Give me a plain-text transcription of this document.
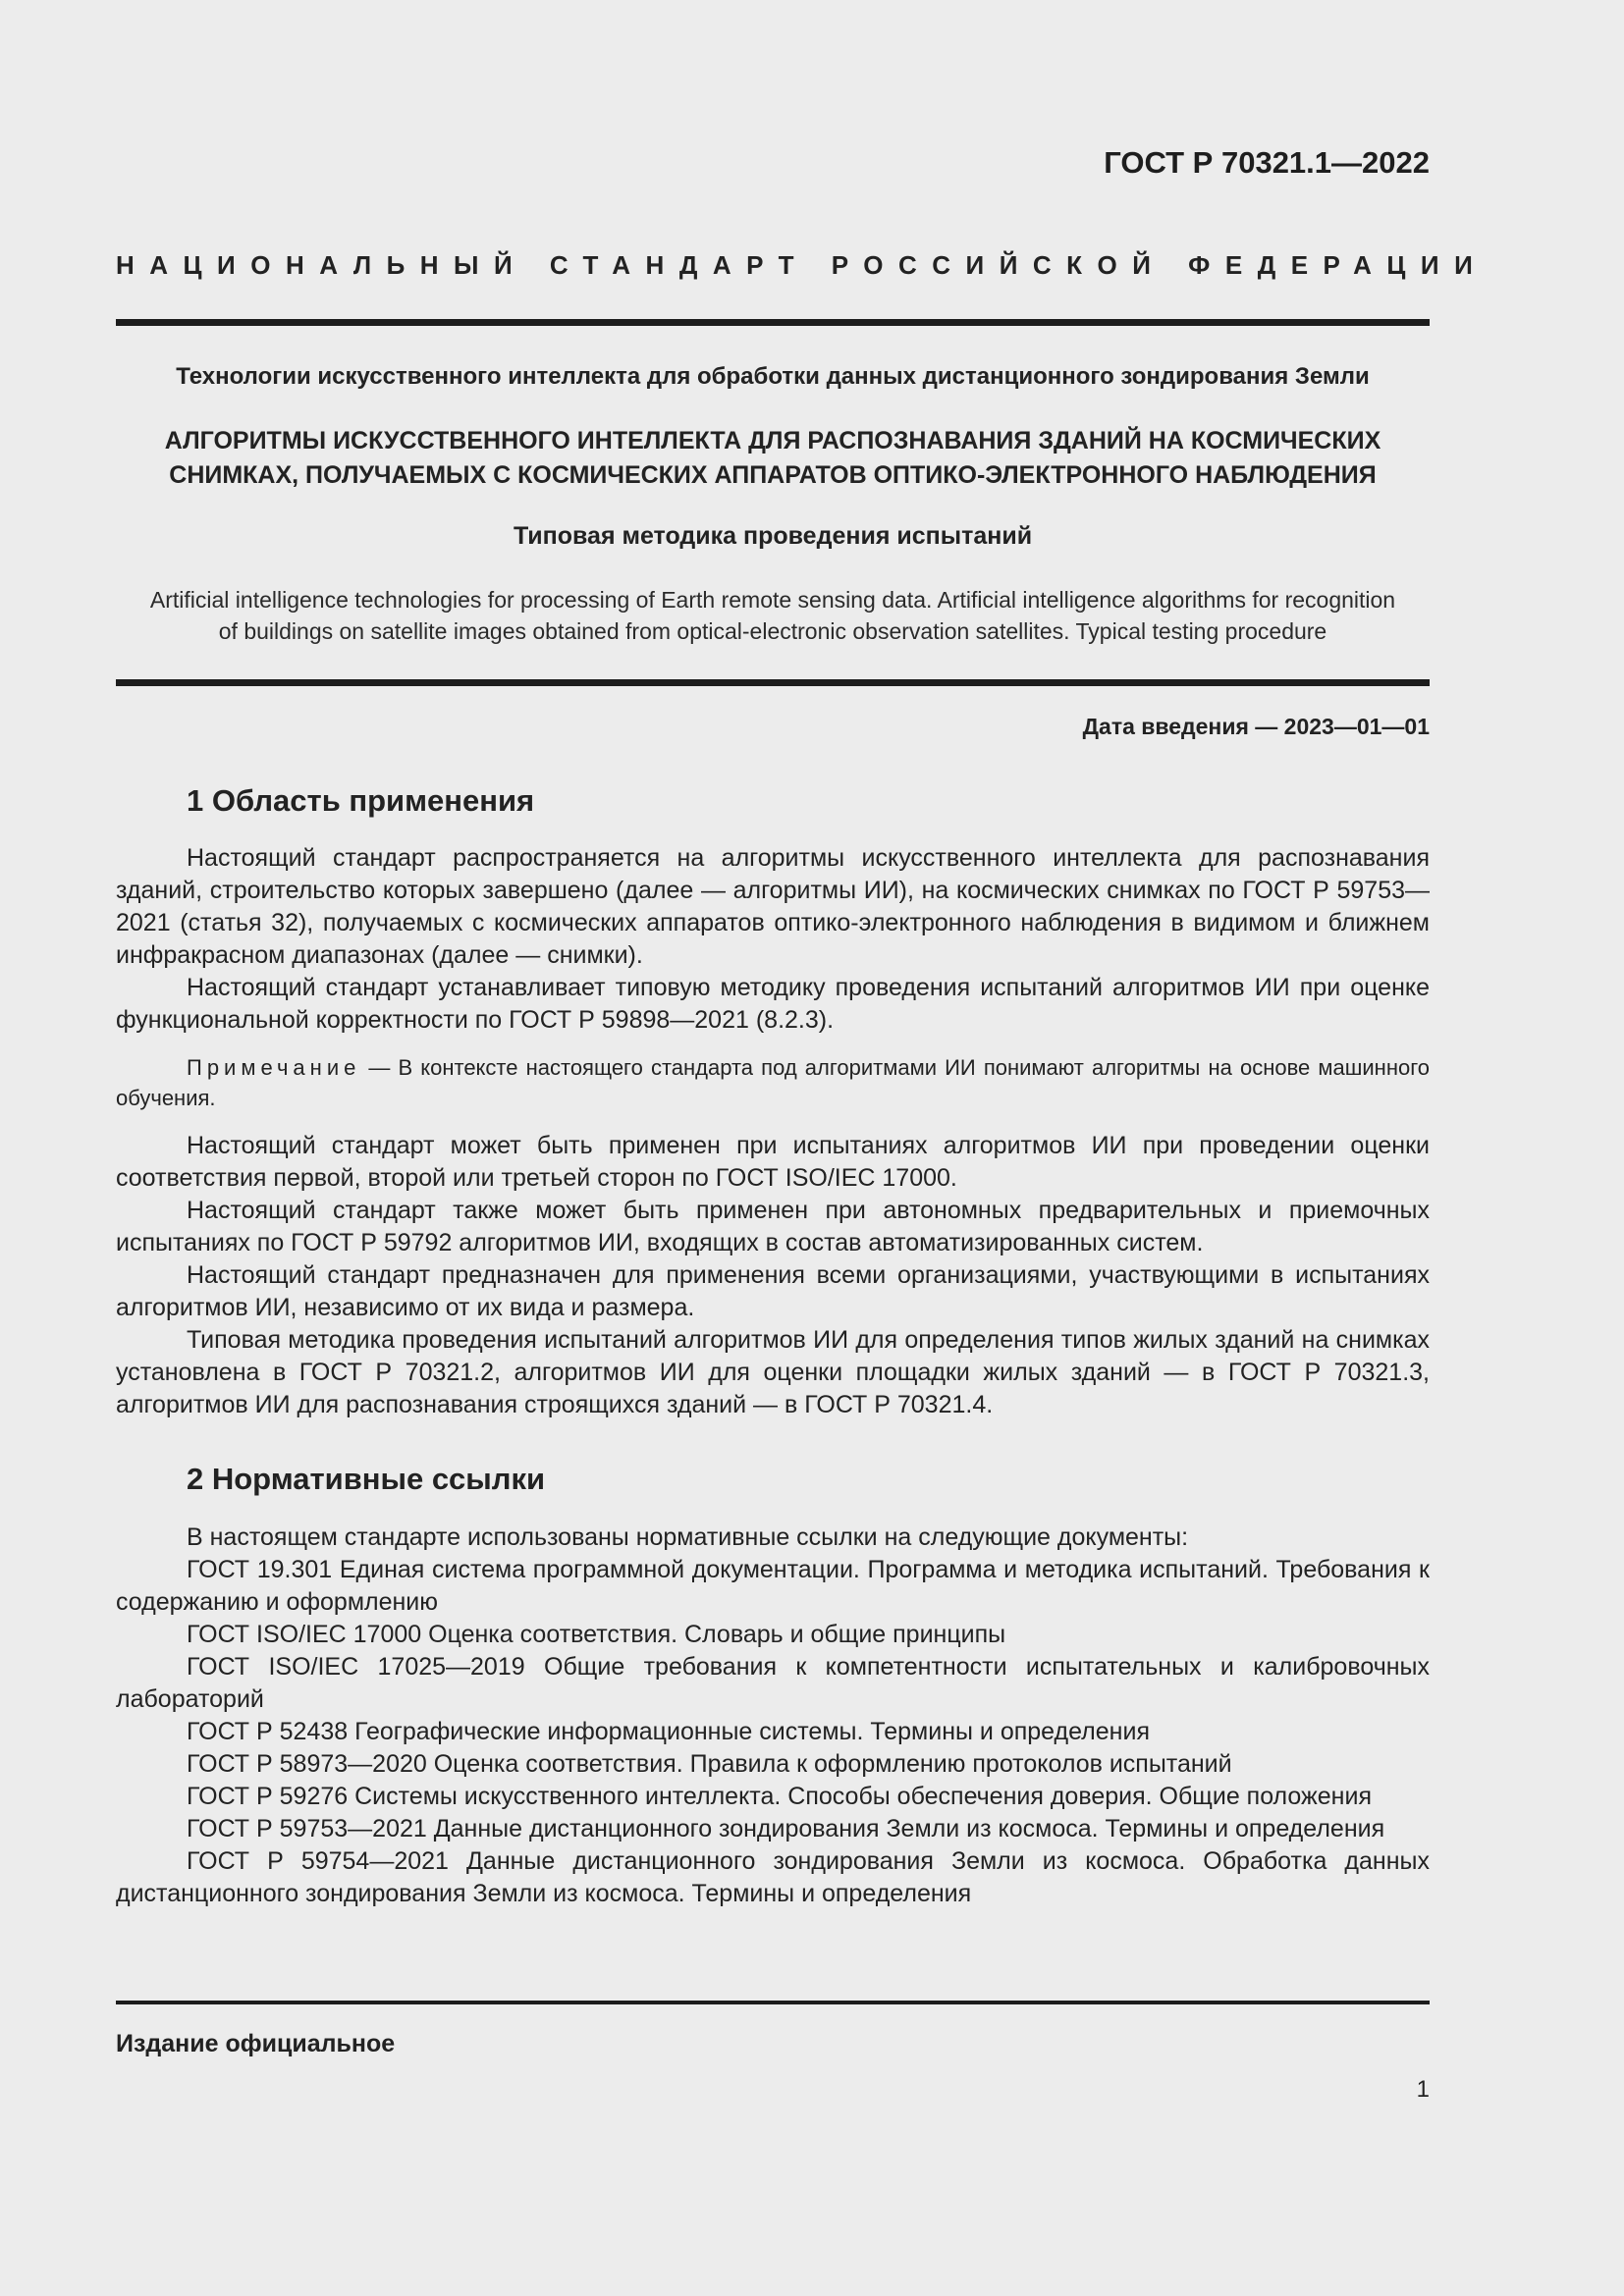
ГОСТ Р 70321.1—2022
НАЦИОНАЛЬНЫЙ СТАНДАРТ РОССИЙСКОЙ ФЕДЕРАЦИИ
Технологии искусственного интеллекта для обработки данных дистанционного зондирования Земли
АЛГОРИТМЫ ИСКУССТВЕННОГО ИНТЕЛЛЕКТА ДЛЯ РАСПОЗНАВАНИЯ ЗДАНИЙ НА КОСМИЧЕСКИХ
СНИМКАХ, ПОЛУЧАЕМЫХ С КОСМИЧЕСКИХ АППАРАТОВ ОПТИКО-ЭЛЕКТРОННОГО НАБЛЮДЕНИЯ
Типовая методика проведения испытаний
Artificial intelligence technologies for processing of Earth remote sensing data. Artificial intelligence algorithms for recognition
of buildings on satellite images obtained from optical-electronic observation satellites. Typical testing procedure
Дата введения — 2023—01—01
1 Область применения

Настоящий стандарт распространяется на алгоритмы искусственного интеллекта для распознавания зданий, строительство которых завершено (далее — алгоритмы ИИ), на космических снимках по ГОСТ Р 59753—2021 (статья 32), получаемых с космических аппаратов оптико-электронного наблюдения в видимом и ближнем инфракрасном диапазонах (далее — снимки).

Настоящий стандарт устанавливает типовую методику проведения испытаний алгоритмов ИИ при оценке функциональной корректности по ГОСТ Р 59898—2021 (8.2.3).

Примечание — В контексте настоящего стандарта под алгоритмами ИИ понимают алгоритмы на основе машинного обучения.

Настоящий стандарт может быть применен при испытаниях алгоритмов ИИ при проведении оценки соответствия первой, второй или третьей сторон по ГОСТ ISO/IEC 17000.

Настоящий стандарт также может быть применен при автономных предварительных и приемочных испытаниях по ГОСТ Р 59792 алгоритмов ИИ, входящих в состав автоматизированных систем.

Настоящий стандарт предназначен для применения всеми организациями, участвующими в испытаниях алгоритмов ИИ, независимо от их вида и размера.

Типовая методика проведения испытаний алгоритмов ИИ для определения типов жилых зданий на снимках установлена в ГОСТ Р 70321.2, алгоритмов ИИ для оценки площадки жилых зданий — в ГОСТ Р 70321.3, алгоритмов ИИ для распознавания строящихся зданий — в ГОСТ Р 70321.4.

2 Нормативные ссылки

В настоящем стандарте использованы нормативные ссылки на следующие документы:

ГОСТ 19.301 Единая система программной документации. Программа и методика испытаний. Требования к содержанию и оформлению

ГОСТ ISO/IEC 17000 Оценка соответствия. Словарь и общие принципы

ГОСТ ISO/IEC 17025—2019 Общие требования к компетентности испытательных и калибровочных лабораторий

ГОСТ Р 52438 Географические информационные системы. Термины и определения

ГОСТ Р 58973—2020 Оценка соответствия. Правила к оформлению протоколов испытаний

ГОСТ Р 59276 Системы искусственного интеллекта. Способы обеспечения доверия. Общие положения

ГОСТ Р 59753—2021 Данные дистанционного зондирования Земли из космоса. Термины и определения

ГОСТ Р 59754—2021 Данные дистанционного зондирования Земли из космоса. Обработка данных дистанционного зондирования Земли из космоса. Термины и определения

Издание официальное
1
